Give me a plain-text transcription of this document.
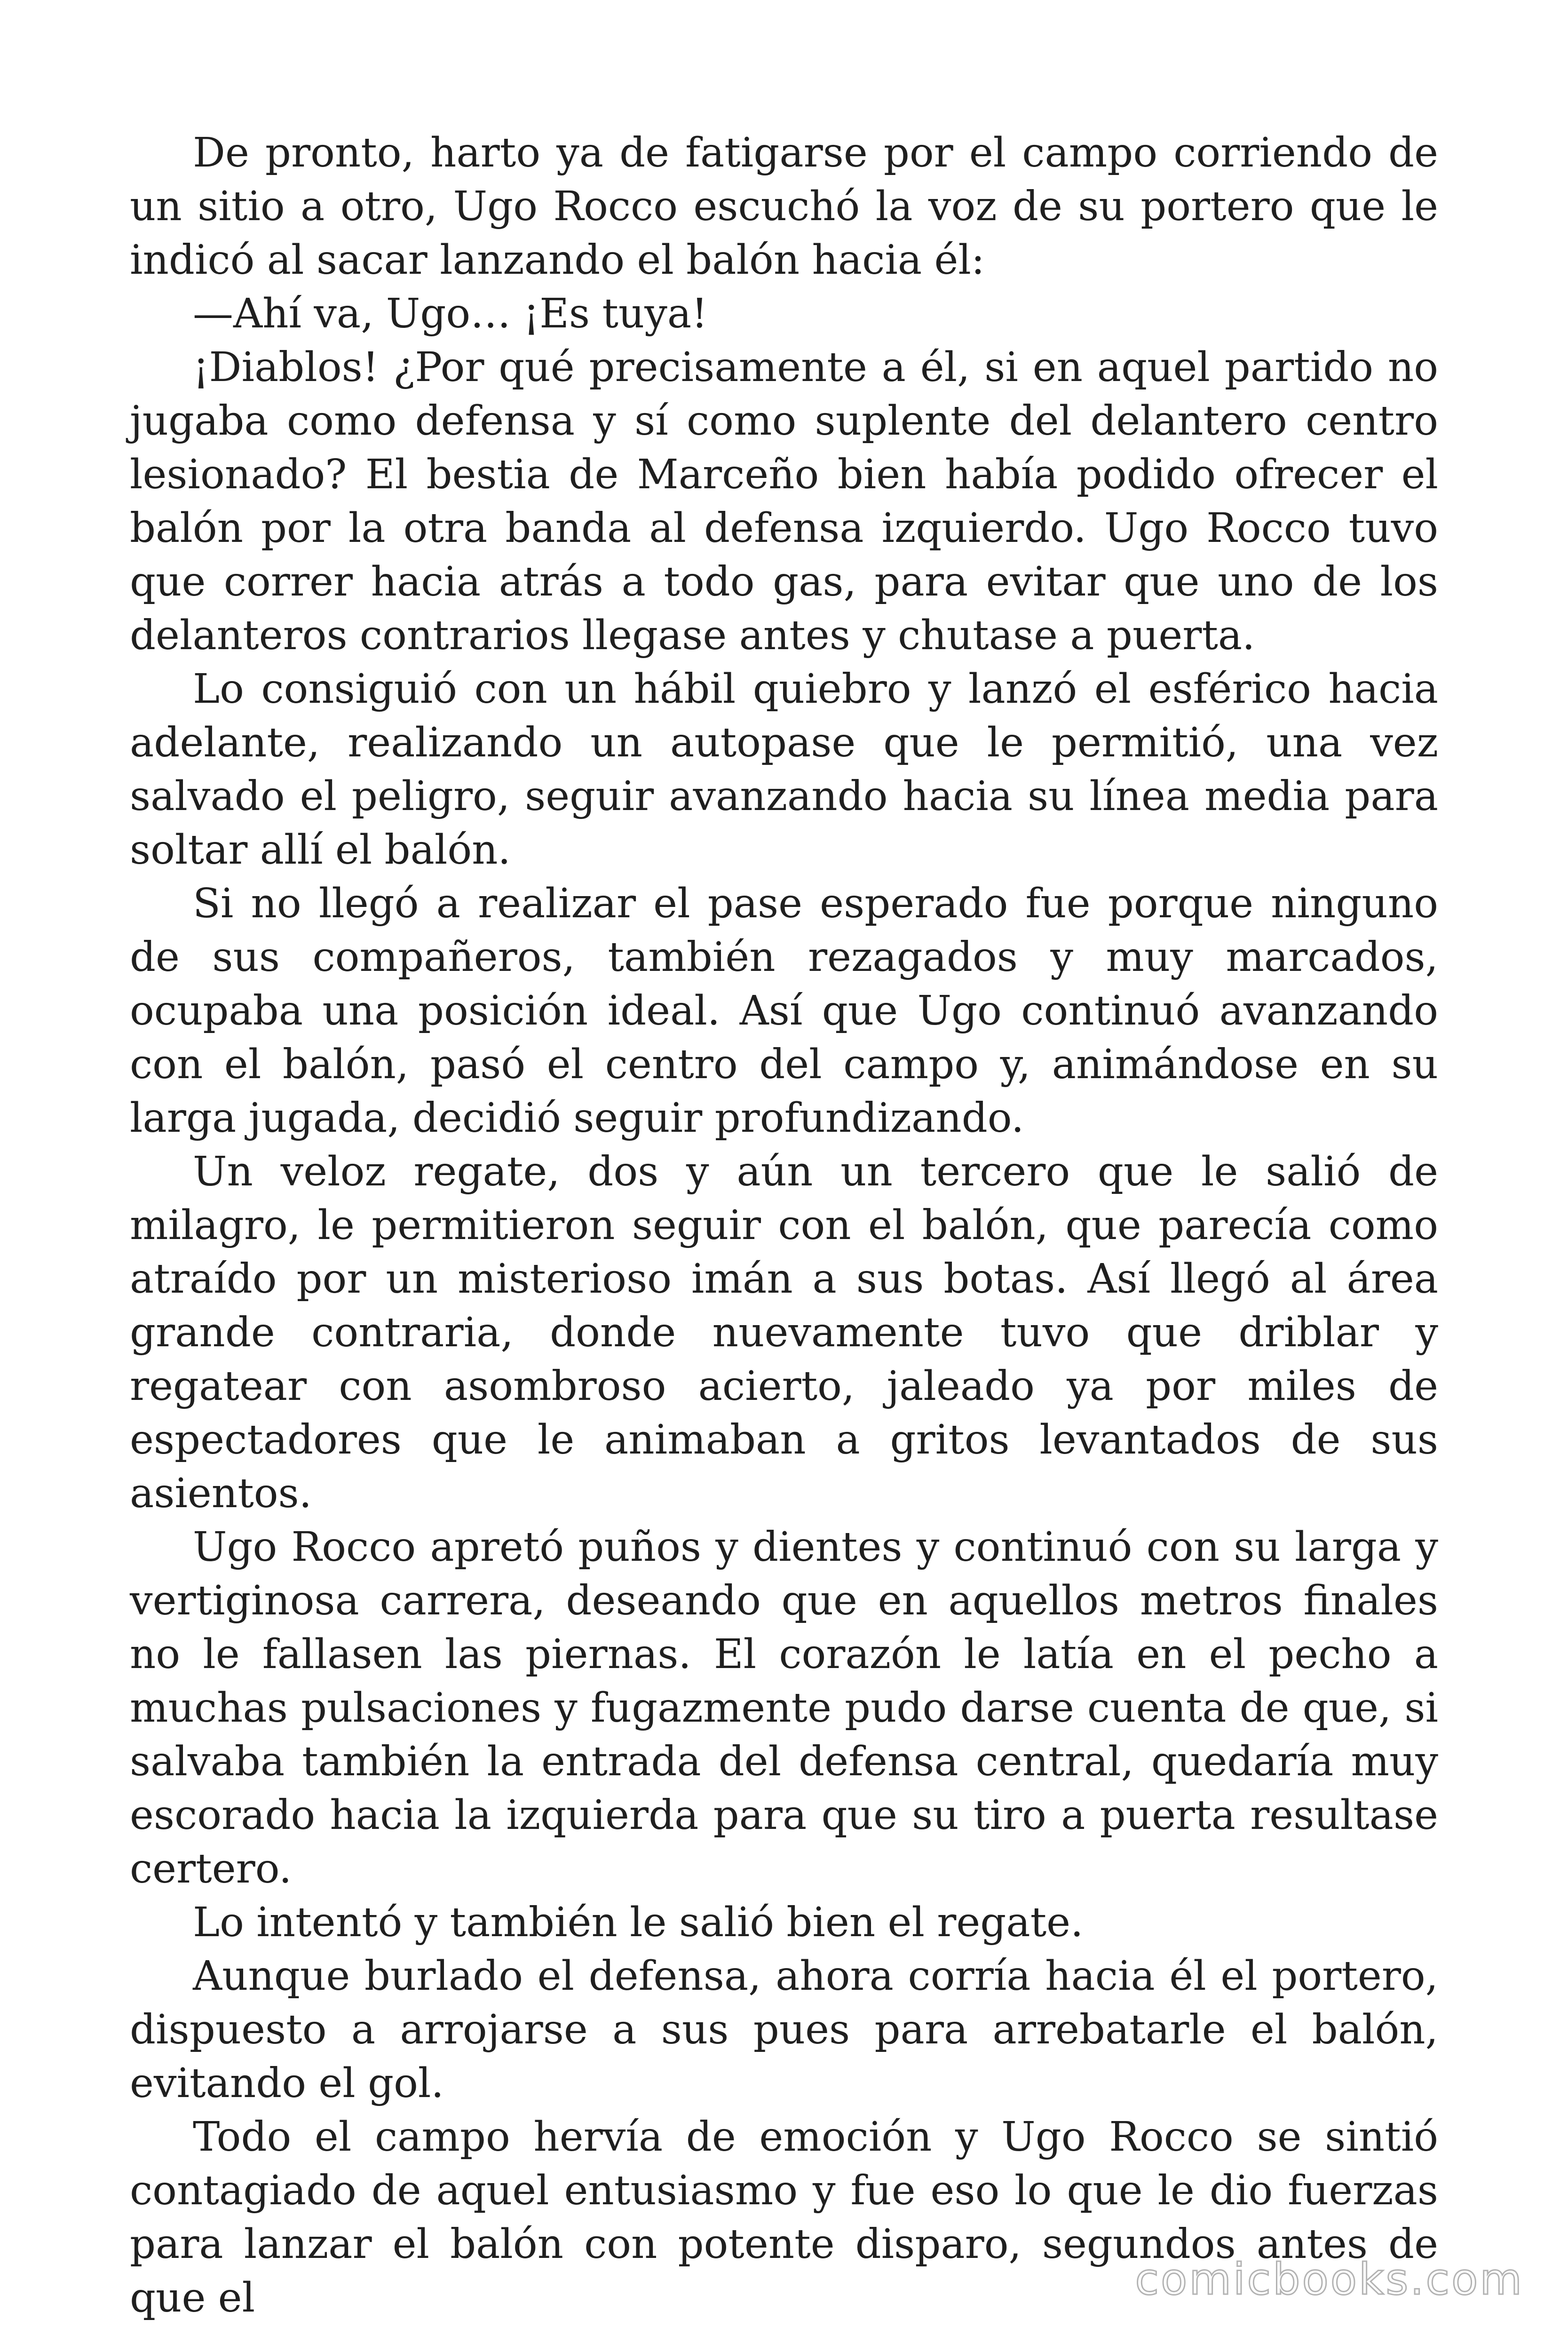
De pronto, harto ya de fatigarse por el campo corriendo de un sitio a otro, Ugo Rocco escuchó la voz de su portero que le indicó al sacar lanzando el balón hacia él:

—Ahí va, Ugo… ¡Es tuya!

¡Diablos! ¿Por qué precisamente a él, si en aquel partido no jugaba como defensa y sí como suplente del delantero centro lesionado? El bestia de Marceño bien había podido ofrecer el balón por la otra banda al defensa izquierdo. Ugo Rocco tuvo que correr hacia atrás a todo gas, para evitar que uno de los delanteros contrarios llegase antes y chutase a puerta.

Lo consiguió con un hábil quiebro y lanzó el esférico hacia adelante, realizando un autopase que le permitió, una vez salvado el peligro, seguir avanzando hacia su línea media para soltar allí el balón.

Si no llegó a realizar el pase esperado fue porque ninguno de sus compañeros, también rezagados y muy marcados, ocupaba una posición ideal. Así que Ugo continuó avanzando con el balón, pasó el centro del campo y, animándose en su larga jugada, decidió seguir profundizando.

Un veloz regate, dos y aún un tercero que le salió de milagro, le permitieron seguir con el balón, que parecía como atraído por un misterioso imán a sus botas. Así llegó al área grande contraria, donde nuevamente tuvo que driblar y regatear con asombroso acierto, jaleado ya por miles de espectadores que le animaban a gritos levantados de sus asientos.

Ugo Rocco apretó puños y dientes y continuó con su larga y vertiginosa carrera, deseando que en aquellos metros finales no le fallasen las piernas. El corazón le latía en el pecho a muchas pulsaciones y fugazmente pudo darse cuenta de que, si salvaba también la entrada del defensa central, quedaría muy escorado hacia la izquierda para que su tiro a puerta resultase certero.

Lo intentó y también le salió bien el regate.

Aunque burlado el defensa, ahora corría hacia él el portero, dispuesto a arrojarse a sus pues para arrebatarle el balón, evitando el gol.

Todo el campo hervía de emoción y Ugo Rocco se sintió contagiado de aquel entusiasmo y fue eso lo que le dio fuerzas para lanzar el balón con potente disparo, segundos antes de que el	comicbooks.com
